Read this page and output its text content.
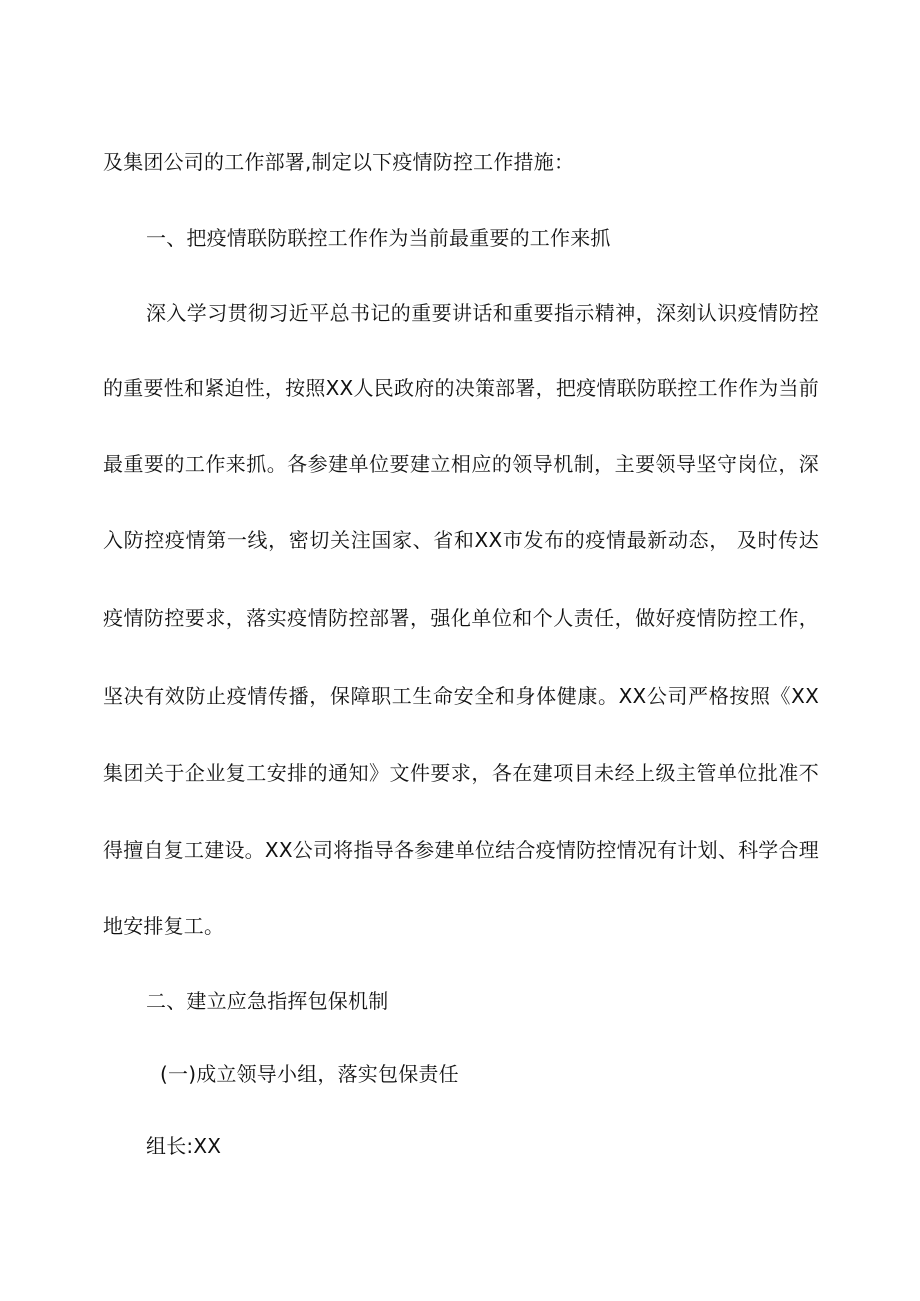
及集团公司的工作部署,制定以下疫情防控工作措施：
一、把疫情联防联控工作作为当前最重要的工作来抓
深入学习贯彻习近平总书记的重要讲话和重要指示精神，深刻认识疫情防控
的重要性和紧迫性，按照XX人民政府的决策部署，把疫情联防联控工作作为当前
最重要的工作来抓。各参建单位要建立相应的领导机制，主要领导坚守岗位，深
入防控疫情第一线，密切关注国家、省和XX市发布的疫情最新动态， 及时传达
疫情防控要求，落实疫情防控部署，强化单位和个人责任，做好疫情防控工作，
坚决有效防止疫情传播，保障职工生命安全和身体健康。XX公司严格按照《XX
集团关于企业复工安排的通知》文件要求，各在建项目未经上级主管单位批准不
得擅自复工建设。XX公司将指导各参建单位结合疫情防控情况有计划、科学合理
地安排复工。
二、建立应急指挥包保机制
(一)成立领导小组，落实包保责任
组长:XX
